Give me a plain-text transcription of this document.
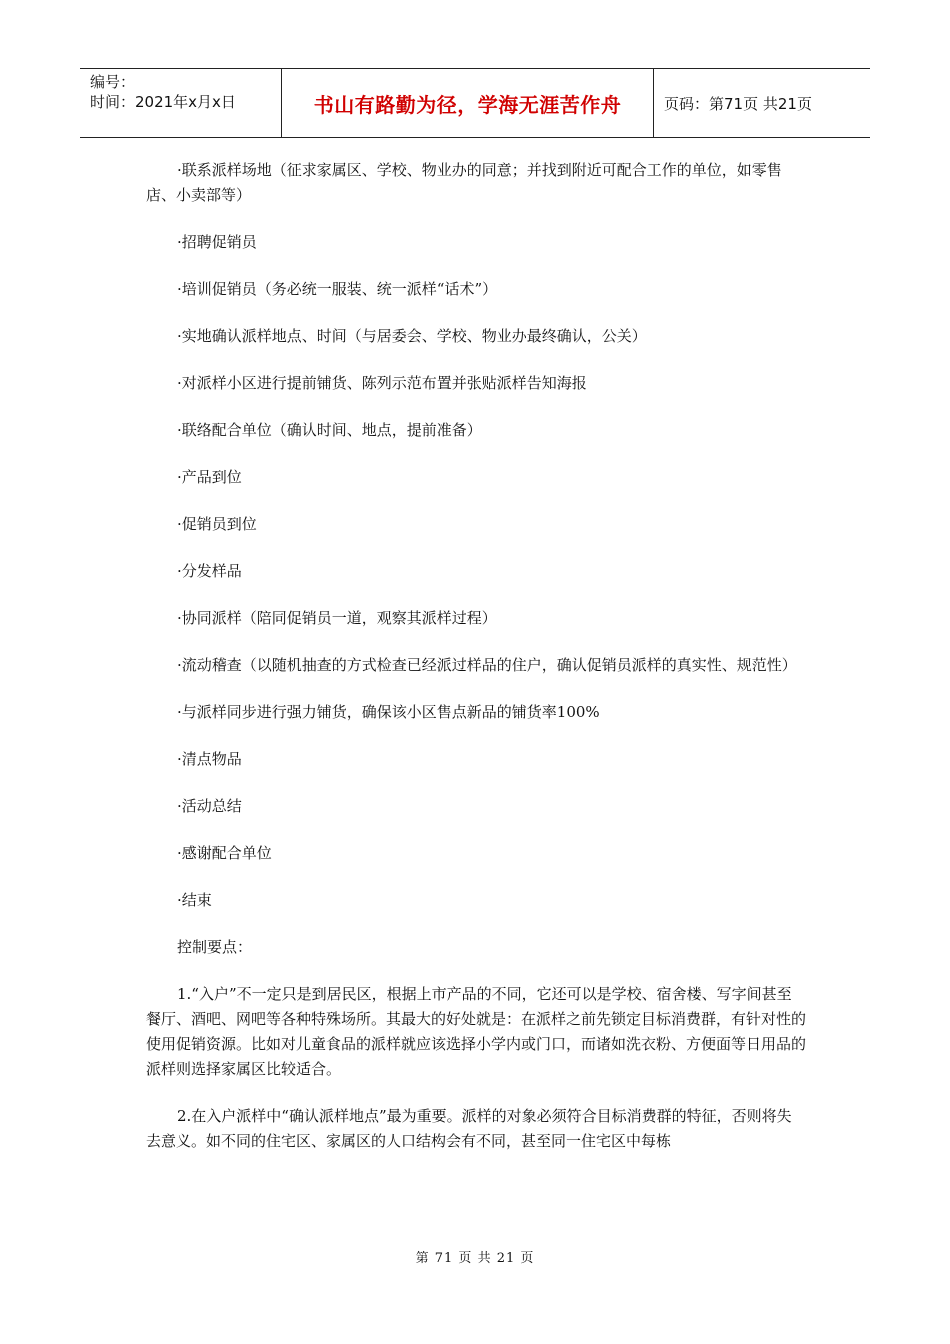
编号：
时间：2021年x月x日	书山有路勤为径，学海无涯苦作舟	页码：第71页 共21页

·联系派样场地（征求家属区、学校、物业办的同意；并找到附近可配合工作的单位，如零售店、小卖部等）

·招聘促销员

·培训促销员（务必统一服装、统一派样“话术”）

·实地确认派样地点、时间（与居委会、学校、物业办最终确认，公关）

·对派样小区进行提前铺货、陈列示范布置并张贴派样告知海报

·联络配合单位（确认时间、地点，提前准备）

·产品到位

·促销员到位

·分发样品

·协同派样（陪同促销员一道，观察其派样过程）

·流动稽查（以随机抽查的方式检查已经派过样品的住户，确认促销员派样的真实性、规范性）

·与派样同步进行强力铺货，确保该小区售点新品的铺货率100%

·清点物品

·活动总结

·感谢配合单位

·结束

控制要点：

1.“入户”不一定只是到居民区，根据上市产品的不同，它还可以是学校、宿舍楼、写字间甚至餐厅、酒吧、网吧等各种特殊场所。其最大的好处就是：在派样之前先锁定目标消费群，有针对性的使用促销资源。比如对儿童食品的派样就应该选择小学内或门口，而诸如洗衣粉、方便面等日用品的派样则选择家属区比较适合。

2.在入户派样中“确认派样地点”最为重要。派样的对象必须符合目标消费群的特征，否则将失去意义。如不同的住宅区、家属区的人口结构会有不同，甚至同一住宅区中每栋

第 71 页 共 21 页
